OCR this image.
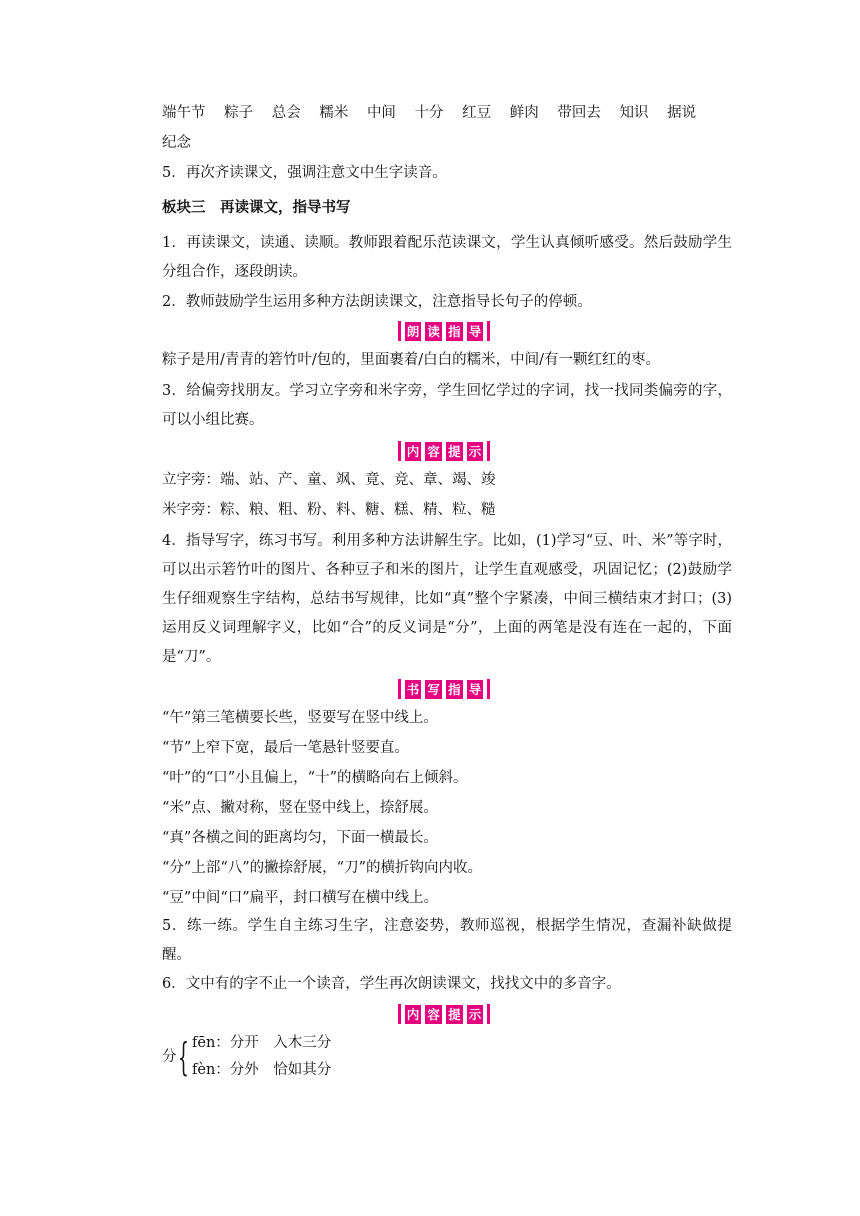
端午节 粽子 总会 糯米 中间 十分 红豆 鲜肉 带回去 知识 据说

纪念

5．再次齐读课文，强调注意文中生字读音。

板块三　再读课文，指导书写

1．再读课文，读通、读顺。教师跟着配乐范读课文，学生认真倾听感受。然后鼓励学生分组合作，逐段朗读。

2．教师鼓励学生运用多种方法朗读课文，注意指导长句子的停顿。

朗 读 指 导

粽子是用/青青的箬竹叶/包的，里面裹着/白白的糯米，中间/有一颗红红的枣。

3．给偏旁找朋友。学习立字旁和米字旁，学生回忆学过的字词，找一找同类偏旁的字，可以小组比赛。

内 容 提 示

立字旁：端、站、产、童、飒、竟、竞、章、竭、竣

米字旁：粽、粮、粗、粉、料、糖、糕、精、粒、糙

4．指导写字，练习书写。利用多种方法讲解生字。比如，(1)学习“豆、叶、米”等字时，可以出示箬竹叶的图片、各种豆子和米的图片，让学生直观感受，巩固记忆；(2)鼓励学生仔细观察生字结构，总结书写规律，比如“真”整个字紧凑，中间三横结束才封口；(3)运用反义词理解字义，比如“合”的反义词是“分”，上面的两笔是没有连在一起的，下面是“刀”。

书 写 指 导

“午”第三笔横要长些，竖要写在竖中线上。

“节”上窄下宽，最后一笔悬针竖要直。

“叶”的“口”小且偏上，“十”的横略向右上倾斜。

“米”点、撇对称，竖在竖中线上，捺舒展。

“真”各横之间的距离均匀，下面一横最长。

“分”上部“八”的撇捺舒展，“刀”的横折钩向内收。

“豆”中间“口”扁平，封口横写在横中线上。

5．练一练。学生自主练习生字，注意姿势，教师巡视，根据学生情况，查漏补缺做提醒。

6．文中有的字不止一个读音，学生再次朗读课文，找找文中的多音字。

内 容 提 示
分 { fēn：分开　入木三分
fèn：分外　恰如其分
